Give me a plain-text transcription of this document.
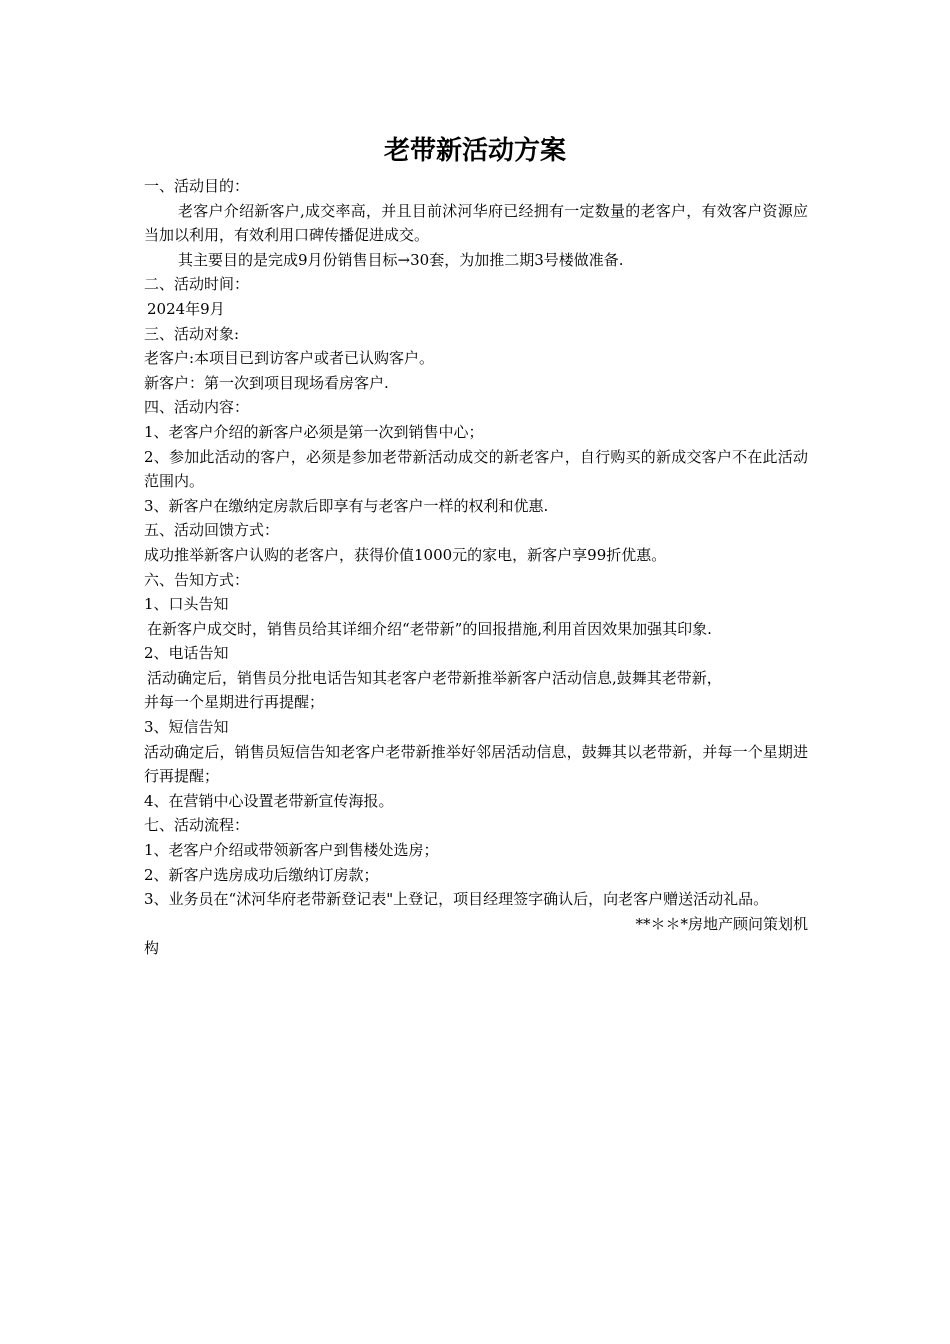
老带新活动方案

一、活动目的：

老客户介绍新客户,成交率高，并且目前沭河华府已经拥有一定数量的老客户，有效客户资源应当加以利用，有效利用口碑传播促进成交。

其主要目的是完成9月份销售目标→30套，为加推二期3号楼做准备.

二、活动时间：

2024年9月

三、活动对象:

老客户:本项目已到访客户或者已认购客户。

新客户：第一次到项目现场看房客户.

四、活动内容：

1、老客户介绍的新客户必须是第一次到销售中心；

2、参加此活动的客户，必须是参加老带新活动成交的新老客户，自行购买的新成交客户不在此活动范围内。

3、新客户在缴纳定房款后即享有与老客户一样的权利和优惠.

五、活动回馈方式：

成功推举新客户认购的老客户，获得价值1000元的家电，新客户享99折优惠。

六、告知方式：

1、口头告知

在新客户成交时，销售员给其详细介绍“老带新”的回报措施,利用首因效果加强其印象.

2、电话告知

活动确定后，销售员分批电话告知其老客户老带新推举新客户活动信息,鼓舞其老带新，

并每一个星期进行再提醒；

3、短信告知

活动确定后，销售员短信告知老客户老带新推举好邻居活动信息，鼓舞其以老带新，并每一个星期进行再提醒；

4、在营销中心设置老带新宣传海报。

七、活动流程：

1、老客户介绍或带领新客户到售楼处选房；

2、新客户选房成功后缴纳订房款；

3、业务员在“沭河华府老带新登记表"上登记，项目经理签字确认后，向老客户赠送活动礼品。

**＊＊*房地产顾问策划机

构
